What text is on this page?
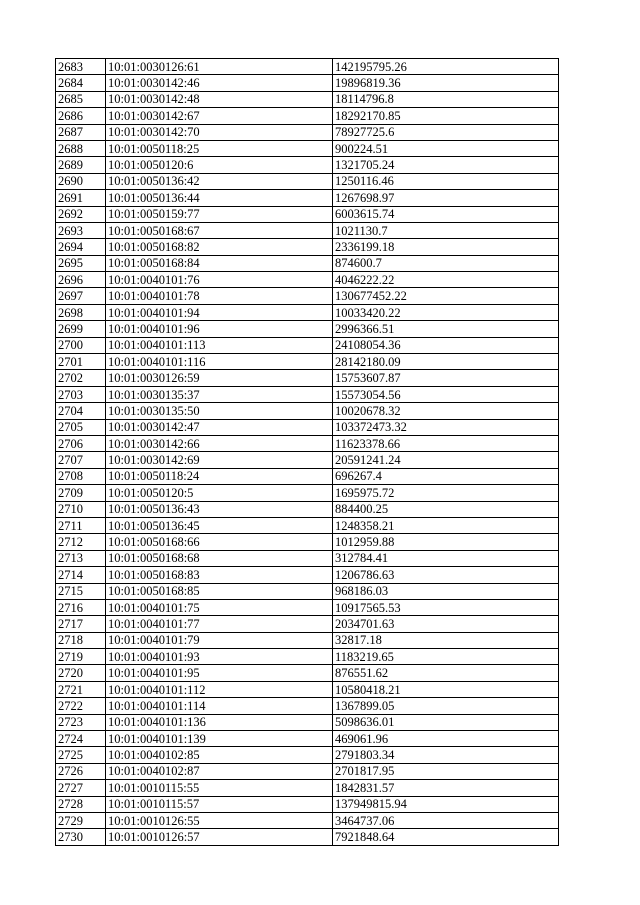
2683	10:01:0030126:61	142195795.26
2684	10:01:0030142:46	19896819.36
2685	10:01:0030142:48	18114796.8
2686	10:01:0030142:67	18292170.85
2687	10:01:0030142:70	78927725.6
2688	10:01:0050118:25	900224.51
2689	10:01:0050120:6	1321705.24
2690	10:01:0050136:42	1250116.46
2691	10:01:0050136:44	1267698.97
2692	10:01:0050159:77	6003615.74
2693	10:01:0050168:67	1021130.7
2694	10:01:0050168:82	2336199.18
2695	10:01:0050168:84	874600.7
2696	10:01:0040101:76	4046222.22
2697	10:01:0040101:78	130677452.22
2698	10:01:0040101:94	10033420.22
2699	10:01:0040101:96	2996366.51
2700	10:01:0040101:113	24108054.36
2701	10:01:0040101:116	28142180.09
2702	10:01:0030126:59	15753607.87
2703	10:01:0030135:37	15573054.56
2704	10:01:0030135:50	10020678.32
2705	10:01:0030142:47	103372473.32
2706	10:01:0030142:66	11623378.66
2707	10:01:0030142:69	20591241.24
2708	10:01:0050118:24	696267.4
2709	10:01:0050120:5	1695975.72
2710	10:01:0050136:43	884400.25
2711	10:01:0050136:45	1248358.21
2712	10:01:0050168:66	1012959.88
2713	10:01:0050168:68	312784.41
2714	10:01:0050168:83	1206786.63
2715	10:01:0050168:85	968186.03
2716	10:01:0040101:75	10917565.53
2717	10:01:0040101:77	2034701.63
2718	10:01:0040101:79	32817.18
2719	10:01:0040101:93	1183219.65
2720	10:01:0040101:95	876551.62
2721	10:01:0040101:112	10580418.21
2722	10:01:0040101:114	1367899.05
2723	10:01:0040101:136	5098636.01
2724	10:01:0040101:139	469061.96
2725	10:01:0040102:85	2791803.34
2726	10:01:0040102:87	2701817.95
2727	10:01:0010115:55	1842831.57
2728	10:01:0010115:57	137949815.94
2729	10:01:0010126:55	3464737.06
2730	10:01:0010126:57	7921848.64
